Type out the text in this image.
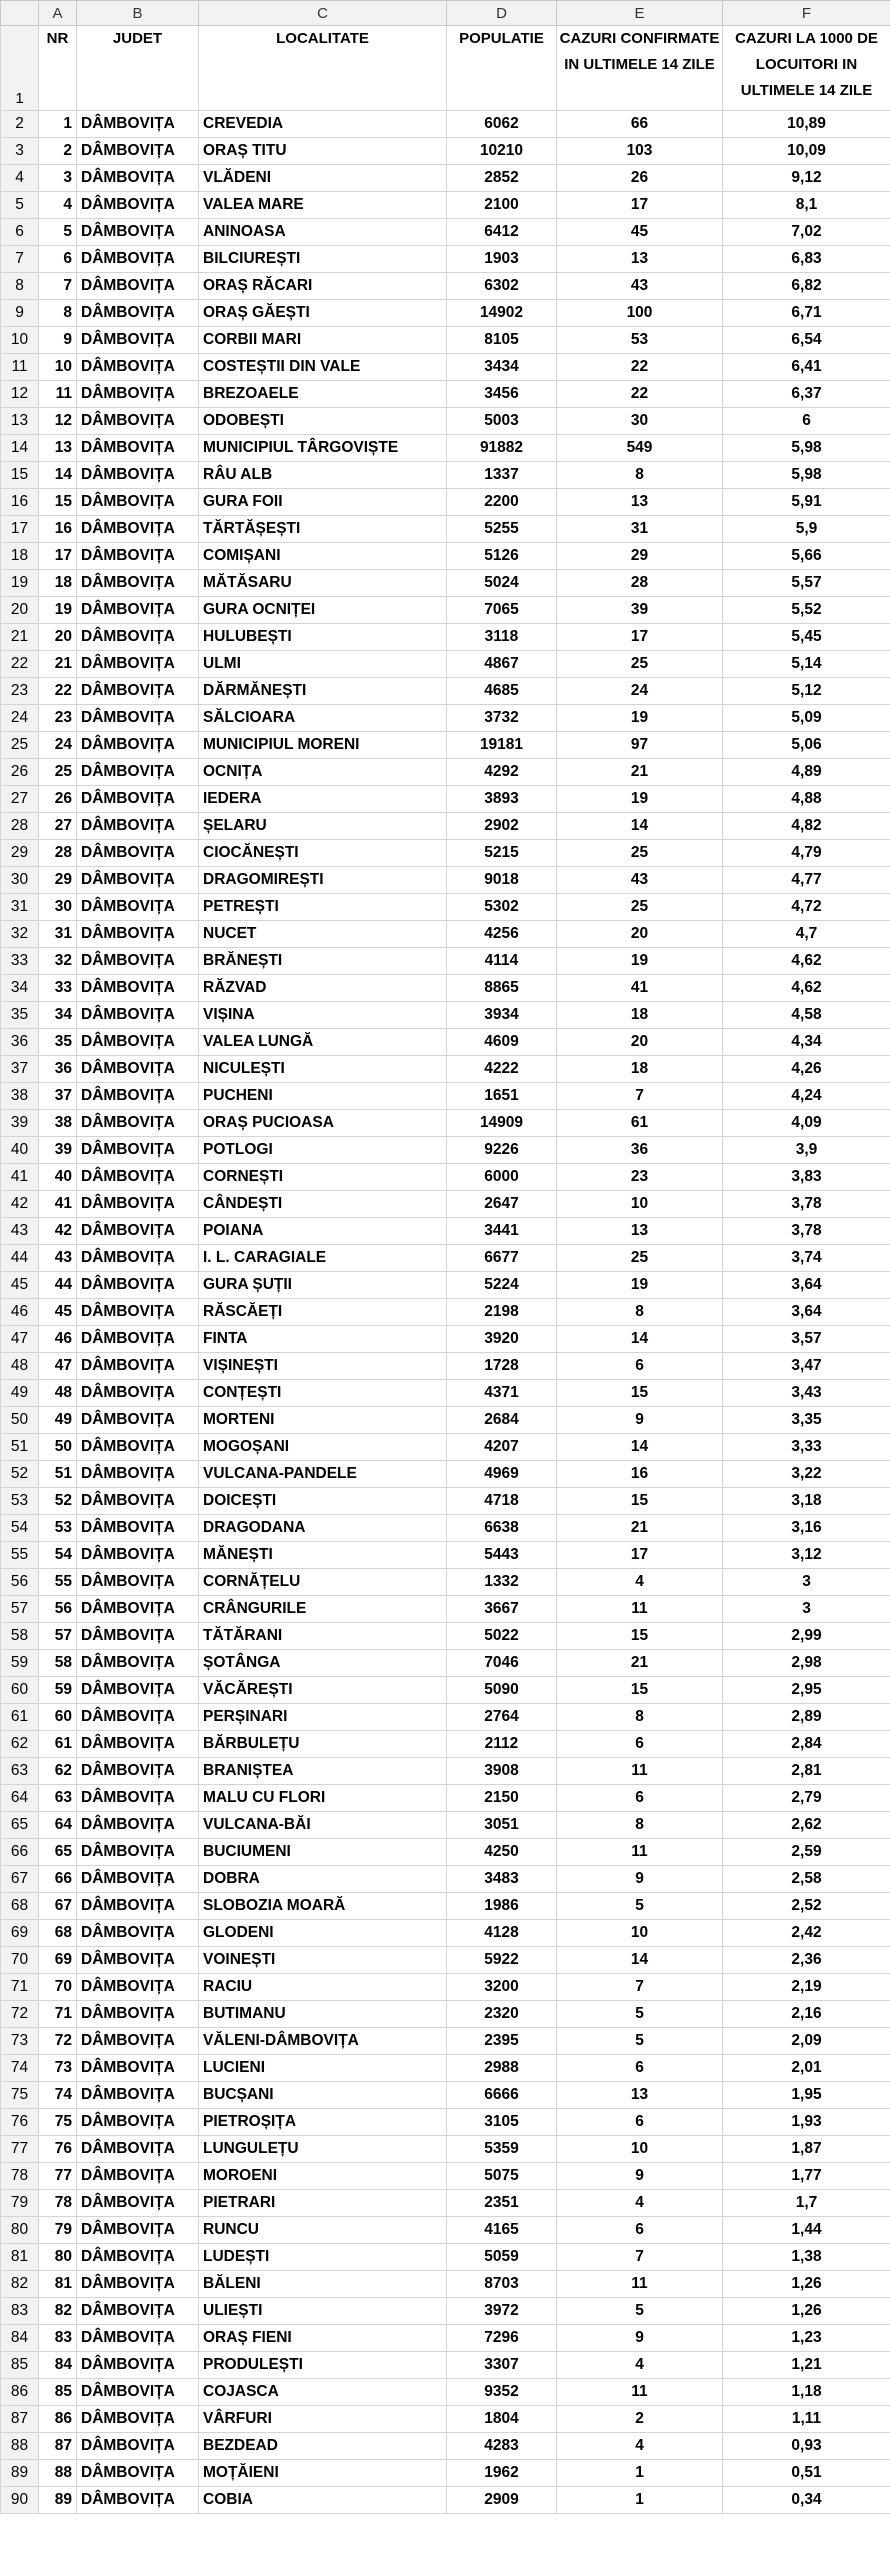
	A	B	C	D	E	F
1	NR	JUDET	LOCALITATE	POPULATIE	CAZURI CONFIRMATE IN ULTIMELE 14 ZILE	CAZURI LA 1000 DE LOCUITORI IN ULTIMELE 14 ZILE
2	1	DÂMBOVIȚA	CREVEDIA	6062	66	10,89
3	2	DÂMBOVIȚA	ORAȘ TITU	10210	103	10,09
4	3	DÂMBOVIȚA	VLĂDENI	2852	26	9,12
5	4	DÂMBOVIȚA	VALEA MARE	2100	17	8,1
6	5	DÂMBOVIȚA	ANINOASA	6412	45	7,02
7	6	DÂMBOVIȚA	BILCIUREȘTI	1903	13	6,83
8	7	DÂMBOVIȚA	ORAȘ RĂCARI	6302	43	6,82
9	8	DÂMBOVIȚA	ORAȘ GĂEȘTI	14902	100	6,71
10	9	DÂMBOVIȚA	CORBII MARI	8105	53	6,54
11	10	DÂMBOVIȚA	COSTEȘTII DIN VALE	3434	22	6,41
12	11	DÂMBOVIȚA	BREZOAELE	3456	22	6,37
13	12	DÂMBOVIȚA	ODOBEȘTI	5003	30	6
14	13	DÂMBOVIȚA	MUNICIPIUL TÂRGOVIȘTE	91882	549	5,98
15	14	DÂMBOVIȚA	RÂU ALB	1337	8	5,98
16	15	DÂMBOVIȚA	GURA FOII	2200	13	5,91
17	16	DÂMBOVIȚA	TĂRTĂȘEȘTI	5255	31	5,9
18	17	DÂMBOVIȚA	COMIȘANI	5126	29	5,66
19	18	DÂMBOVIȚA	MĂTĂSARU	5024	28	5,57
20	19	DÂMBOVIȚA	GURA OCNIȚEI	7065	39	5,52
21	20	DÂMBOVIȚA	HULUBEȘTI	3118	17	5,45
22	21	DÂMBOVIȚA	ULMI	4867	25	5,14
23	22	DÂMBOVIȚA	DĂRMĂNEȘTI	4685	24	5,12
24	23	DÂMBOVIȚA	SĂLCIOARA	3732	19	5,09
25	24	DÂMBOVIȚA	MUNICIPIUL MORENI	19181	97	5,06
26	25	DÂMBOVIȚA	OCNIȚA	4292	21	4,89
27	26	DÂMBOVIȚA	IEDERA	3893	19	4,88
28	27	DÂMBOVIȚA	ȘELARU	2902	14	4,82
29	28	DÂMBOVIȚA	CIOCĂNEȘTI	5215	25	4,79
30	29	DÂMBOVIȚA	DRAGOMIREȘTI	9018	43	4,77
31	30	DÂMBOVIȚA	PETREȘTI	5302	25	4,72
32	31	DÂMBOVIȚA	NUCET	4256	20	4,7
33	32	DÂMBOVIȚA	BRĂNEȘTI	4114	19	4,62
34	33	DÂMBOVIȚA	RĂZVAD	8865	41	4,62
35	34	DÂMBOVIȚA	VIȘINA	3934	18	4,58
36	35	DÂMBOVIȚA	VALEA LUNGĂ	4609	20	4,34
37	36	DÂMBOVIȚA	NICULEȘTI	4222	18	4,26
38	37	DÂMBOVIȚA	PUCHENI	1651	7	4,24
39	38	DÂMBOVIȚA	ORAȘ PUCIOASA	14909	61	4,09
40	39	DÂMBOVIȚA	POTLOGI	9226	36	3,9
41	40	DÂMBOVIȚA	CORNEȘTI	6000	23	3,83
42	41	DÂMBOVIȚA	CÂNDEȘTI	2647	10	3,78
43	42	DÂMBOVIȚA	POIANA	3441	13	3,78
44	43	DÂMBOVIȚA	I. L. CARAGIALE	6677	25	3,74
45	44	DÂMBOVIȚA	GURA ȘUȚII	5224	19	3,64
46	45	DÂMBOVIȚA	RĂSCĂEȚI	2198	8	3,64
47	46	DÂMBOVIȚA	FINTA	3920	14	3,57
48	47	DÂMBOVIȚA	VIȘINEȘTI	1728	6	3,47
49	48	DÂMBOVIȚA	CONȚEȘTI	4371	15	3,43
50	49	DÂMBOVIȚA	MORTENI	2684	9	3,35
51	50	DÂMBOVIȚA	MOGOȘANI	4207	14	3,33
52	51	DÂMBOVIȚA	VULCANA-PANDELE	4969	16	3,22
53	52	DÂMBOVIȚA	DOICEȘTI	4718	15	3,18
54	53	DÂMBOVIȚA	DRAGODANA	6638	21	3,16
55	54	DÂMBOVIȚA	MĂNEȘTI	5443	17	3,12
56	55	DÂMBOVIȚA	CORNĂȚELU	1332	4	3
57	56	DÂMBOVIȚA	CRÂNGURILE	3667	11	3
58	57	DÂMBOVIȚA	TĂTĂRANI	5022	15	2,99
59	58	DÂMBOVIȚA	ȘOTÂNGA	7046	21	2,98
60	59	DÂMBOVIȚA	VĂCĂREȘTI	5090	15	2,95
61	60	DÂMBOVIȚA	PERȘINARI	2764	8	2,89
62	61	DÂMBOVIȚA	BĂRBULEȚU	2112	6	2,84
63	62	DÂMBOVIȚA	BRANIȘTEA	3908	11	2,81
64	63	DÂMBOVIȚA	MALU CU FLORI	2150	6	2,79
65	64	DÂMBOVIȚA	VULCANA-BĂI	3051	8	2,62
66	65	DÂMBOVIȚA	BUCIUMENI	4250	11	2,59
67	66	DÂMBOVIȚA	DOBRA	3483	9	2,58
68	67	DÂMBOVIȚA	SLOBOZIA MOARĂ	1986	5	2,52
69	68	DÂMBOVIȚA	GLODENI	4128	10	2,42
70	69	DÂMBOVIȚA	VOINEȘTI	5922	14	2,36
71	70	DÂMBOVIȚA	RACIU	3200	7	2,19
72	71	DÂMBOVIȚA	BUTIMANU	2320	5	2,16
73	72	DÂMBOVIȚA	VĂLENI-DÂMBOVIȚA	2395	5	2,09
74	73	DÂMBOVIȚA	LUCIENI	2988	6	2,01
75	74	DÂMBOVIȚA	BUCȘANI	6666	13	1,95
76	75	DÂMBOVIȚA	PIETROȘIȚA	3105	6	1,93
77	76	DÂMBOVIȚA	LUNGULEȚU	5359	10	1,87
78	77	DÂMBOVIȚA	MOROENI	5075	9	1,77
79	78	DÂMBOVIȚA	PIETRARI	2351	4	1,7
80	79	DÂMBOVIȚA	RUNCU	4165	6	1,44
81	80	DÂMBOVIȚA	LUDEȘTI	5059	7	1,38
82	81	DÂMBOVIȚA	BĂLENI	8703	11	1,26
83	82	DÂMBOVIȚA	ULIEȘTI	3972	5	1,26
84	83	DÂMBOVIȚA	ORAȘ FIENI	7296	9	1,23
85	84	DÂMBOVIȚA	PRODULEȘTI	3307	4	1,21
86	85	DÂMBOVIȚA	COJASCA	9352	11	1,18
87	86	DÂMBOVIȚA	VÂRFURI	1804	2	1,11
88	87	DÂMBOVIȚA	BEZDEAD	4283	4	0,93
89	88	DÂMBOVIȚA	MOȚĂIENI	1962	1	0,51
90	89	DÂMBOVIȚA	COBIA	2909	1	0,34
